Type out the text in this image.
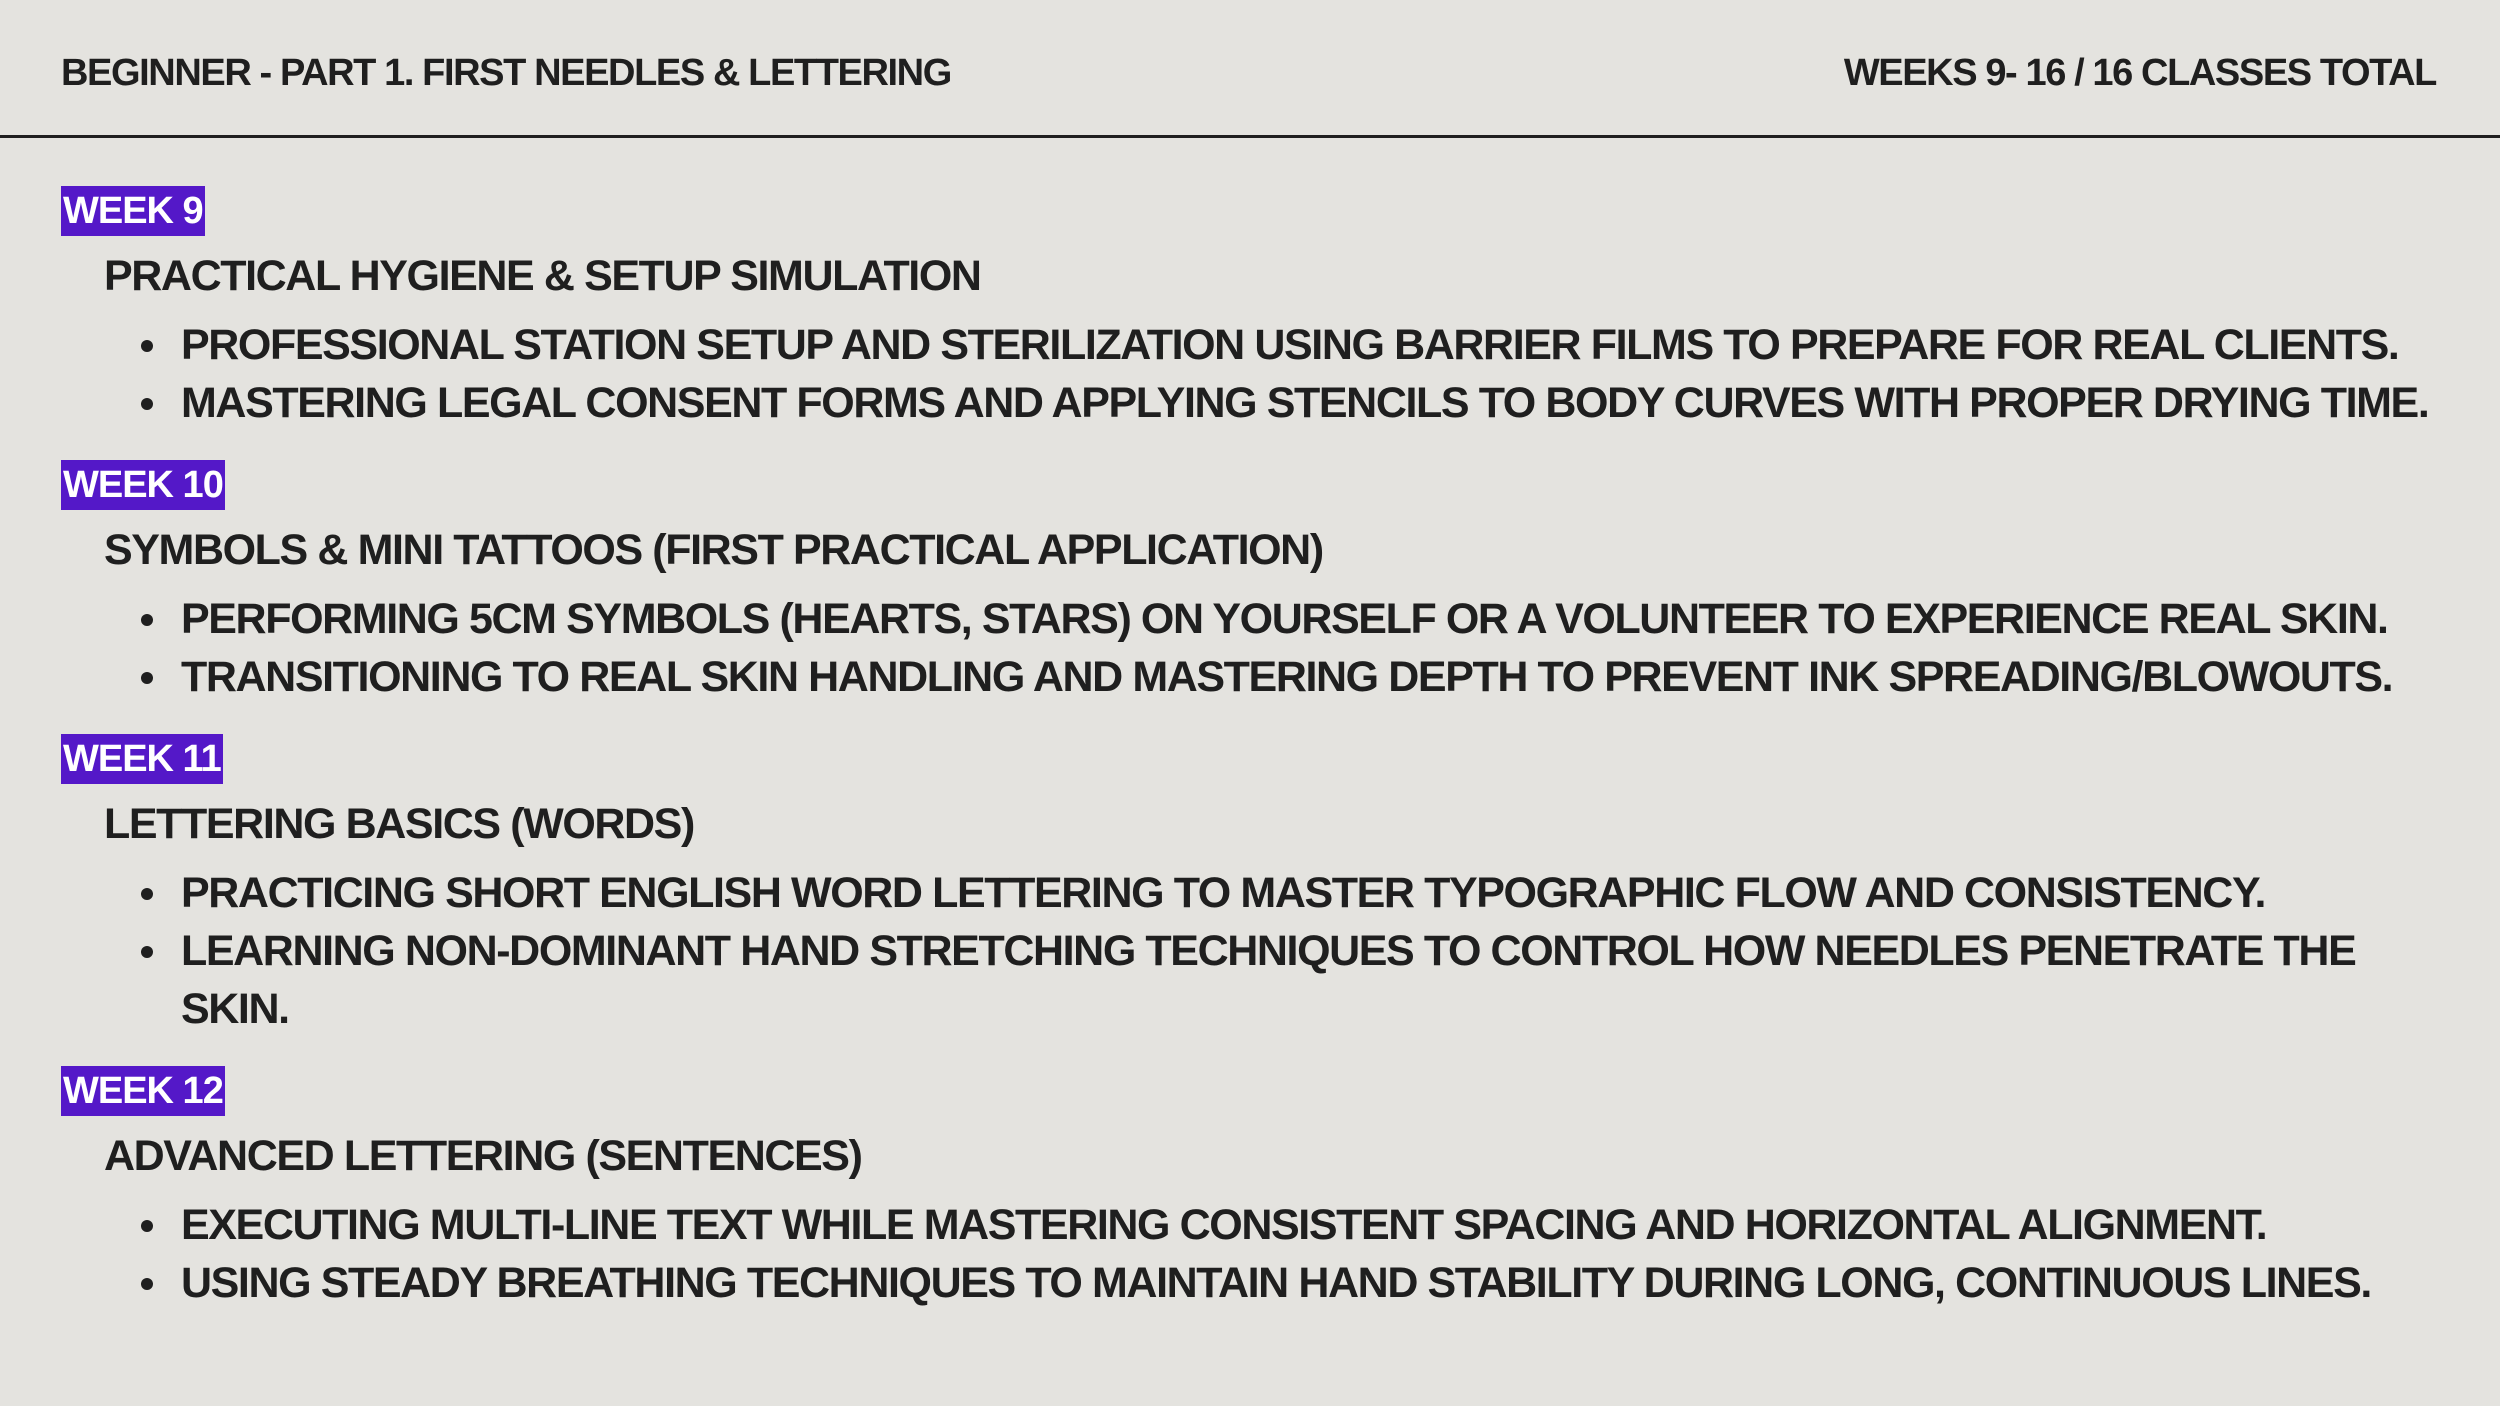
BEGINNER - PART 1. FIRST NEEDLES & LETTERING	WEEKS 9- 16 / 16 CLASSES TOTAL
WEEK 9
PRACTICAL HYGIENE & SETUP SIMULATION
PROFESSIONAL STATION SETUP AND STERILIZATION USING BARRIER FILMS TO PREPARE FOR REAL CLIENTS.
MASTERING LEGAL CONSENT FORMS AND APPLYING STENCILS TO BODY CURVES WITH PROPER DRYING TIME.
WEEK 10
SYMBOLS & MINI TATTOOS (FIRST PRACTICAL APPLICATION)
PERFORMING 5CM SYMBOLS (HEARTS, STARS) ON YOURSELF OR A VOLUNTEER TO EXPERIENCE REAL SKIN.
TRANSITIONING TO REAL SKIN HANDLING AND MASTERING DEPTH TO PREVENT INK SPREADING/BLOWOUTS.
WEEK 11
LETTERING BASICS (WORDS)
PRACTICING SHORT ENGLISH WORD LETTERING TO MASTER TYPOGRAPHIC FLOW AND CONSISTENCY.
LEARNING NON-DOMINANT HAND STRETCHING TECHNIQUES TO CONTROL HOW NEEDLES PENETRATE THE SKIN.
WEEK 12
ADVANCED LETTERING (SENTENCES)
EXECUTING MULTI-LINE TEXT WHILE MASTERING CONSISTENT SPACING AND HORIZONTAL ALIGNMENT.
USING STEADY BREATHING TECHNIQUES TO MAINTAIN HAND STABILITY DURING LONG, CONTINUOUS LINES.
